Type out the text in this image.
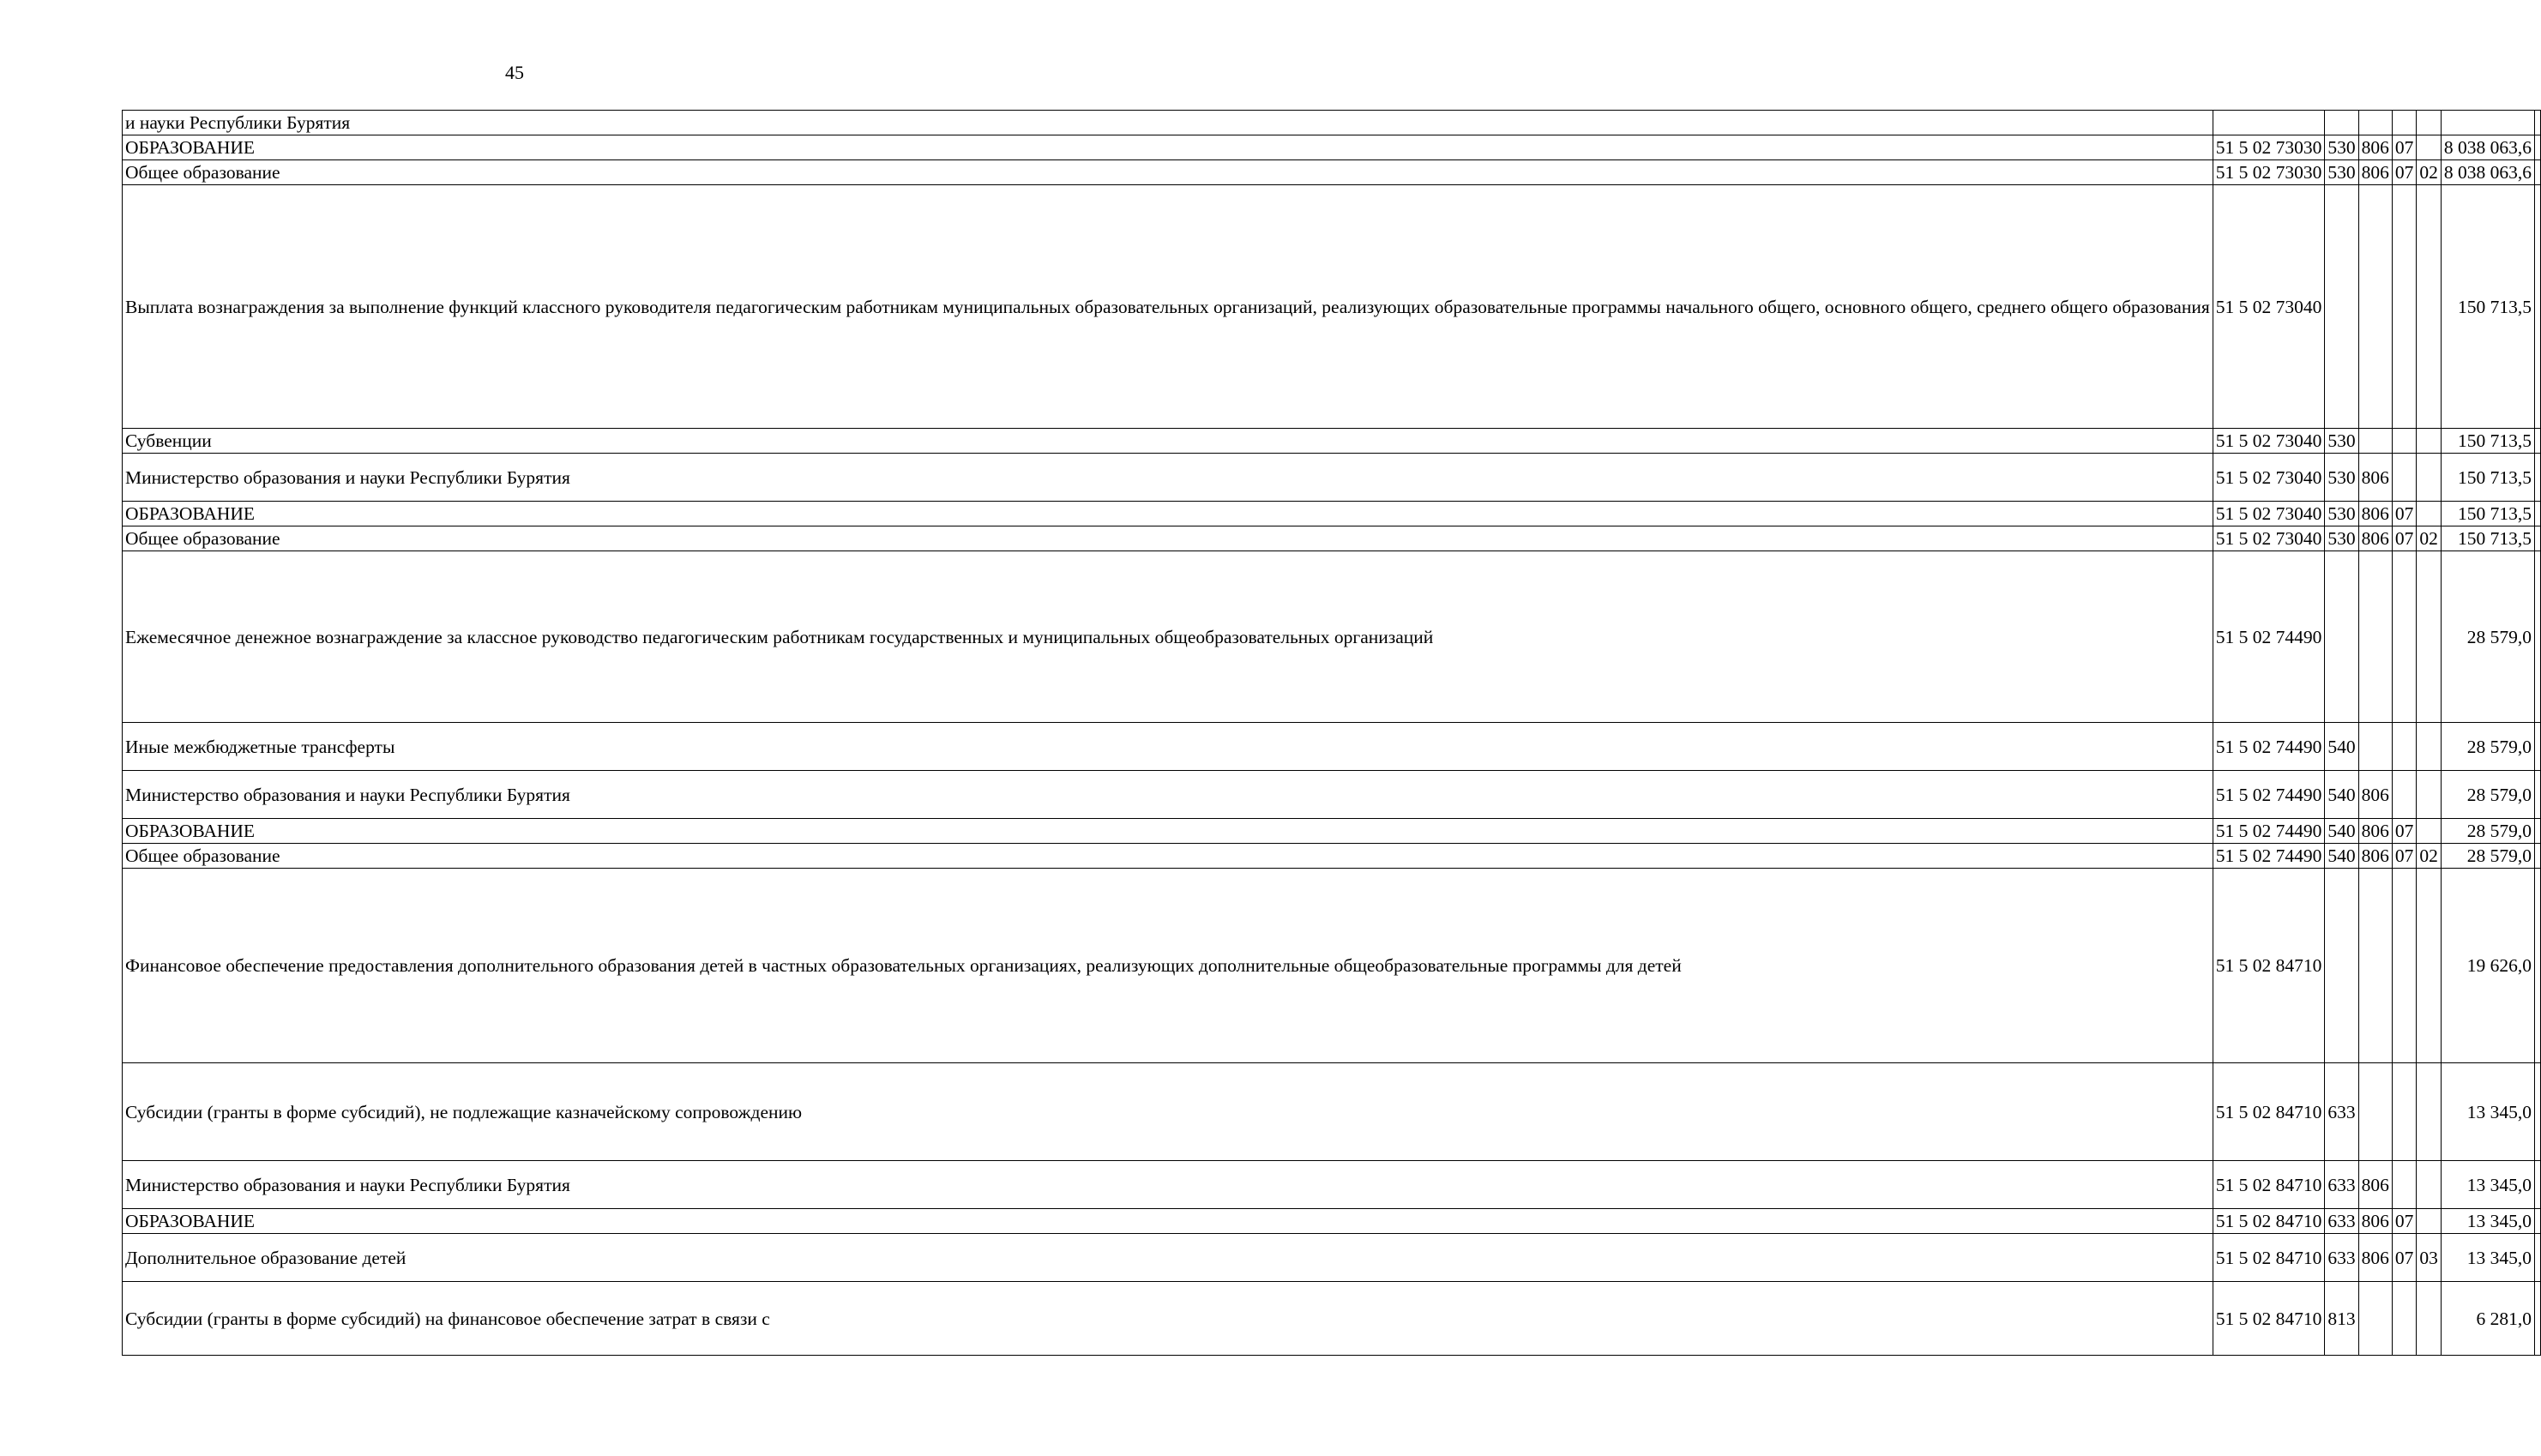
45
и науки Республики Бурятия							
ОБРАЗОВАНИЕ	51 5 02 73030	530	806	07		8 038 063,6	
Общее образование	51 5 02 73030	530	806	07	02	8 038 063,6	
Выплата вознаграждения за выполнение функций классного руководителя педагогическим работникам муниципальных образовательных организаций, реализующих образовательные программы начального общего, основного общего, среднего общего образования	51 5 02 73040					150 713,5	
Субвенции	51 5 02 73040	530				150 713,5	
Министерство образования и науки Республики Бурятия	51 5 02 73040	530	806			150 713,5	
ОБРАЗОВАНИЕ	51 5 02 73040	530	806	07		150 713,5	
Общее образование	51 5 02 73040	530	806	07	02	150 713,5	
Ежемесячное денежное вознаграждение за классное руководство педагогическим работникам государственных и муниципальных общеобразовательных организаций	51 5 02 74490					28 579,0	
Иные межбюджетные трансферты	51 5 02 74490	540				28 579,0	
Министерство образования и науки Республики Бурятия	51 5 02 74490	540	806			28 579,0	
ОБРАЗОВАНИЕ	51 5 02 74490	540	806	07		28 579,0	
Общее образование	51 5 02 74490	540	806	07	02	28 579,0	
Финансовое обеспечение предоставления дополнительного образования детей в частных образовательных организациях, реализующих дополнительные общеобразовательные программы для детей	51 5 02 84710					19 626,0	
Субсидии (гранты в форме субсидий), не подлежащие казначейскому сопровождению	51 5 02 84710	633				13 345,0	
Министерство образования и науки Республики Бурятия	51 5 02 84710	633	806			13 345,0	
ОБРАЗОВАНИЕ	51 5 02 84710	633	806	07		13 345,0	
Дополнительное образование детей	51 5 02 84710	633	806	07	03	13 345,0	
Субсидии (гранты в форме субсидий) на финансовое обеспечение затрат в связи с	51 5 02 84710	813				6 281,0	
